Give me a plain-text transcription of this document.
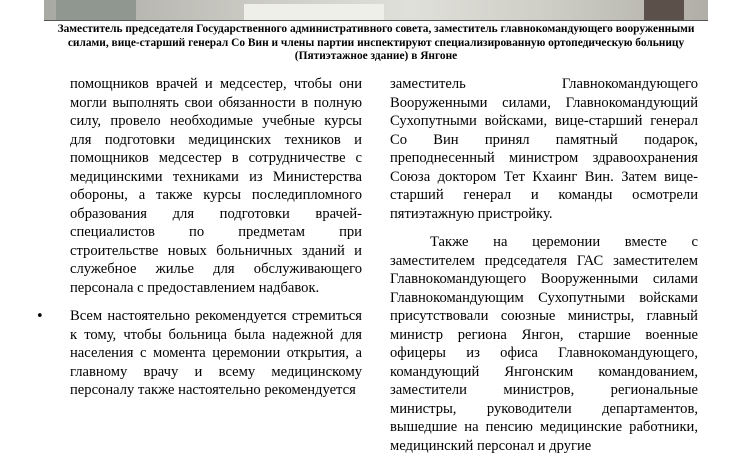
Заместитель председателя Государственного административного совета, заместитель главнокомандующего вооруженными силами, вице-старший генерал Со Вин и члены партии инспектируют специализированную ортопедическую больницу (Пятиэтажное здание) в Янгоне

помощников врачей и медсестер, чтобы они могли выполнять свои обязанности в полную силу, провело необходимые учебные курсы для подготовки медицинских техников и помощников медсестер в сотрудничестве с медицинскими техниками из Министерства обороны, а также курсы последипломного образования для подготовки врачей-специалистов по предметам при строительстве новых больничных зданий и служебное жилье для обслуживающего персонала с предоставлением надбавок.

• Всем настоятельно рекомендуется стремиться к тому, чтобы больница была надежной для населения с момента церемонии открытия, а главному врачу и всему медицинскому персоналу также настоятельно рекомендуется

заместитель Главнокомандующего Вооруженными силами, Главнокомандующий Сухопутными войсками, вице-старший генерал Со Вин принял памятный подарок, преподнесенный министром здравоохранения Союза доктором Тет Кхаинг Вин. Затем вице-старший генерал и команды осмотрели пятиэтажную пристройку.

Также на церемонии вместе с заместителем председателя ГАС заместителем Главнокомандующего Вооруженными силами Главнокомандующим Сухопутными войсками присутствовали союзные министры, главный министр региона Янгон, старшие военные офицеры из офиса Главнокомандующего, командующий Янгонским командованием, заместители министров, региональные министры, руководители департаментов, вышедшие на пенсию медицинские работники, медицинский персонал и другие
